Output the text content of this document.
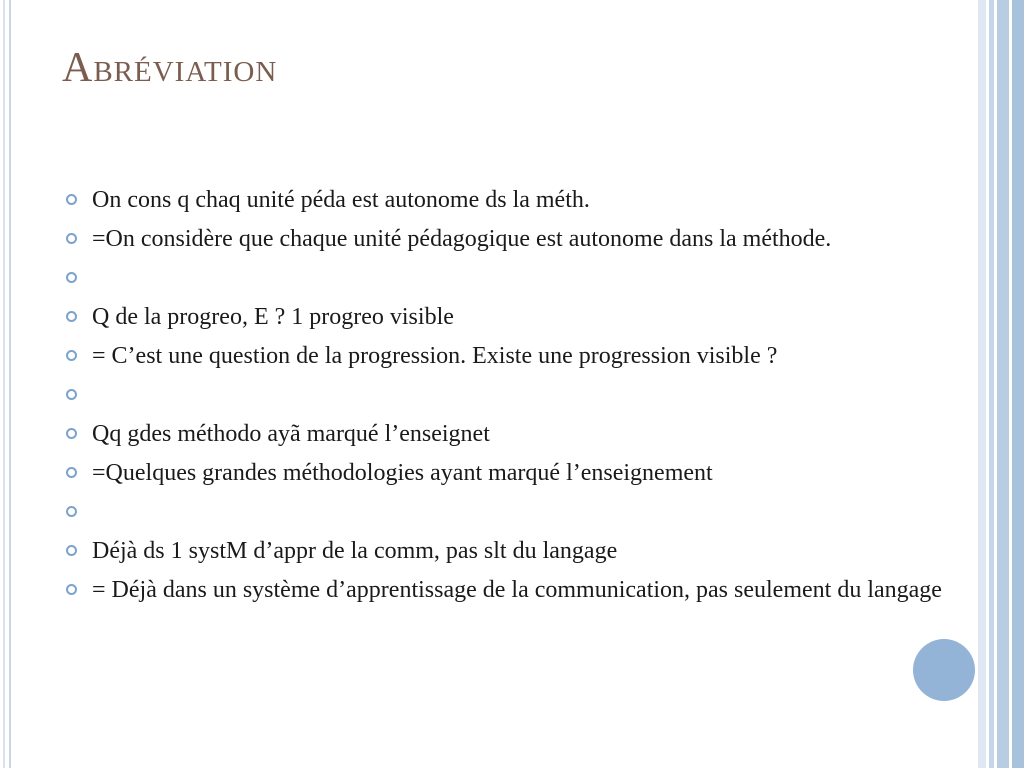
Abréviation
On cons q chaq unité péda est autonome ds la méth.
=On considère que chaque unité pédagogique est autonome dans la méthode.
Q de la progreo, E ? 1 progreo visible
= C’est une question de la progression. Existe une progression visible ?
Qq gdes méthodo ayã marqué l’enseignet
=Quelques grandes méthodologies ayant marqué l’enseignement
Déjà ds 1 systM d’appr de la comm, pas slt du langage
= Déjà dans un système d’apprentissage de la communication, pas seulement du langage
